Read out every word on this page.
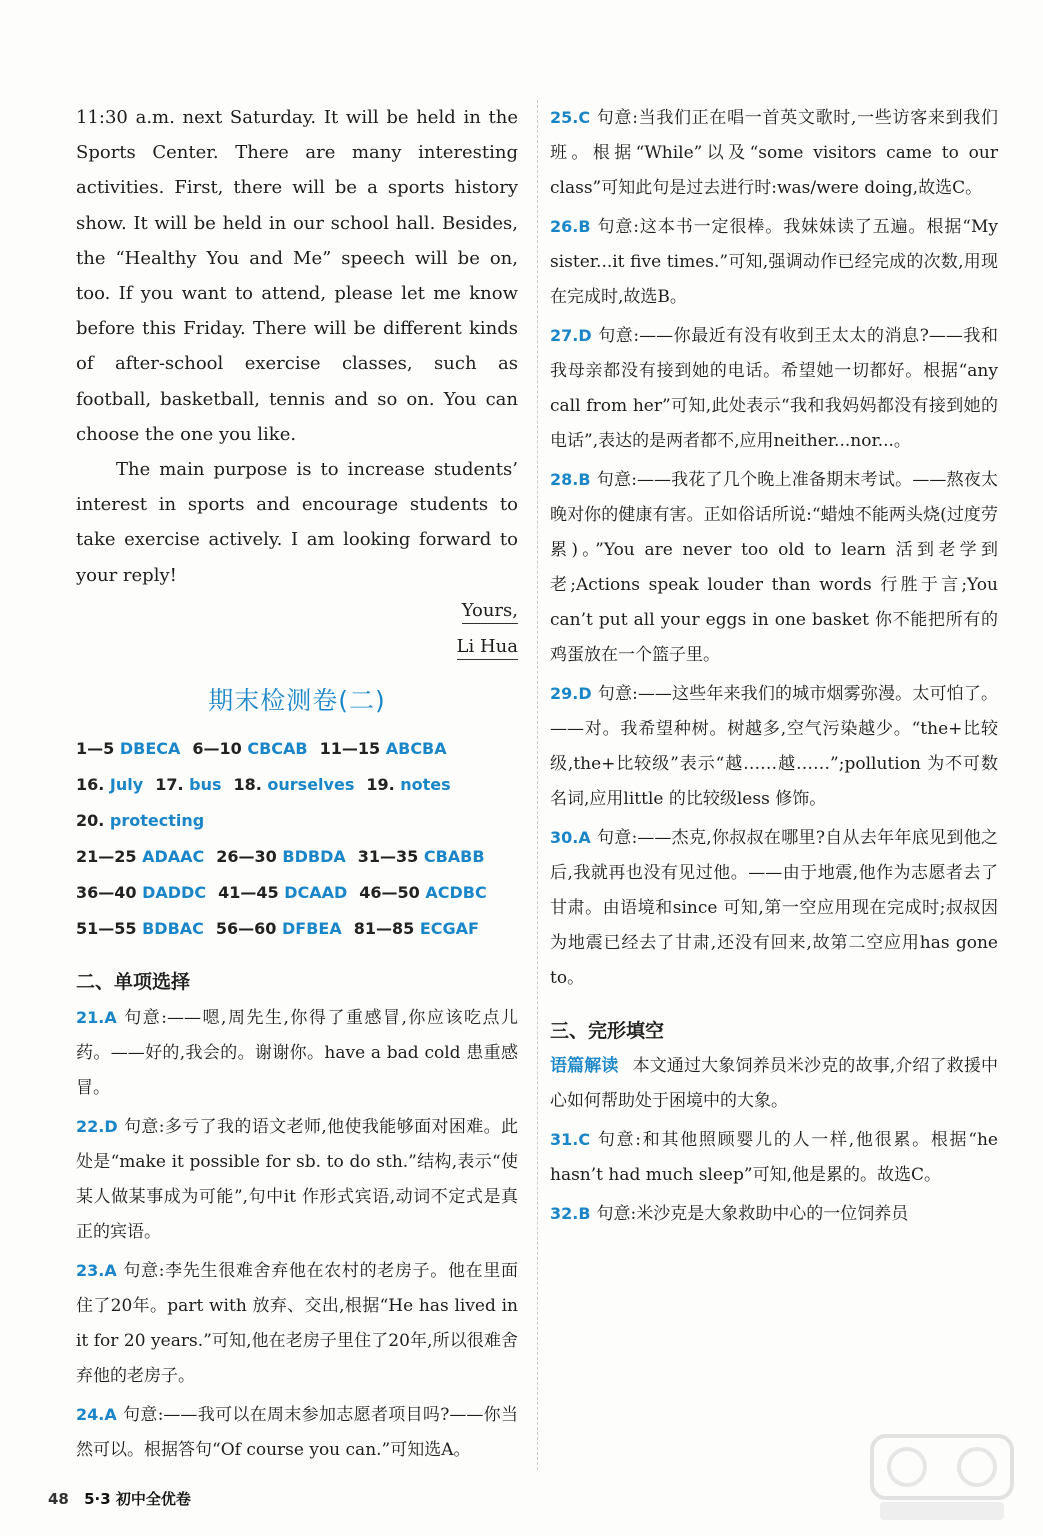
11:30 a.m. next Saturday. It will be held in the Sports Center. There are many interesting activities. First, there will be a sports history show. It will be held in our school hall. Besides, the “Healthy You and Me” speech will be on, too. If you want to attend, please let me know before this Friday. There will be different kinds of after-school exercise classes, such as football, basketball, tennis and so on. You can choose the one you like.

The main purpose is to increase students’ interest in sports and encourage students to take exercise actively. I am looking forward to your reply!

Yours,
Li Hua
期末检测卷(二)
1—5 DBECA 6—10 CBCAB 11—15 ABCBA
16. July 17. bus 18. ourselves 19. notes
20. protecting
21—25 ADAAC 26—30 BDBDA 31—35 CBABB
36—40 DADDC 41—45 DCAAD 46—50 ACDBC
51—55 BDBAC 56—60 DFBEA 81—85 ECGAF
二、单项选择
21.A 句意:——嗯,周先生,你得了重感冒,你应该吃点儿药。——好的,我会的。谢谢你。have a bad cold 患重感冒。
22.D 句意:多亏了我的语文老师,他使我能够面对困难。此处是“make it possible for sb. to do sth.”结构,表示“使某人做某事成为可能”,句中it 作形式宾语,动词不定式是真正的宾语。
23.A 句意:李先生很难舍弃他在农村的老房子。他在里面住了20年。part with 放弃、交出,根据“He has lived in it for 20 years.”可知,他在老房子里住了20年,所以很难舍弃他的老房子。
24.A 句意:——我可以在周末参加志愿者项目吗?——你当然可以。根据答句“Of course you can.”可知选A。
25.C 句意:当我们正在唱一首英文歌时,一些访客来到我们班。根据“While”以及“some visitors came to our class”可知此句是过去进行时:was/were doing,故选C。
26.B 句意:这本书一定很棒。我妹妹读了五遍。根据“My sister...it five times.”可知,强调动作已经完成的次数,用现在完成时,故选B。
27.D 句意:——你最近有没有收到王太太的消息?——我和我母亲都没有接到她的电话。希望她一切都好。根据“any call from her”可知,此处表示“我和我妈妈都没有接到她的电话”,表达的是两者都不,应用neither...nor...。
28.B 句意:——我花了几个晚上准备期末考试。——熬夜太晚对你的健康有害。正如俗话所说:“蜡烛不能两头烧(过度劳累)。”You are never too old to learn 活到老学到老;Actions speak louder than words 行胜于言;You can’t put all your eggs in one basket 你不能把所有的鸡蛋放在一个篮子里。
29.D 句意:——这些年来我们的城市烟雾弥漫。太可怕了。——对。我希望种树。树越多,空气污染越少。“the+比较级,the+比较级”表示“越……越……”;pollution 为不可数名词,应用little 的比较级less 修饰。
30.A 句意:——杰克,你叔叔在哪里?自从去年年底见到他之后,我就再也没有见过他。——由于地震,他作为志愿者去了甘肃。由语境和since 可知,第一空应用现在完成时;叔叔因为地震已经去了甘肃,还没有回来,故第二空应用has gone to。
三、完形填空
语篇解读 本文通过大象饲养员米沙克的故事,介绍了救援中心如何帮助处于困境中的大象。
31.C 句意:和其他照顾婴儿的人一样,他很累。根据“he hasn’t had much sleep”可知,他是累的。故选C。
32.B 句意:米沙克是大象救助中心的一位饲养员
48 5·3 初中全优卷
